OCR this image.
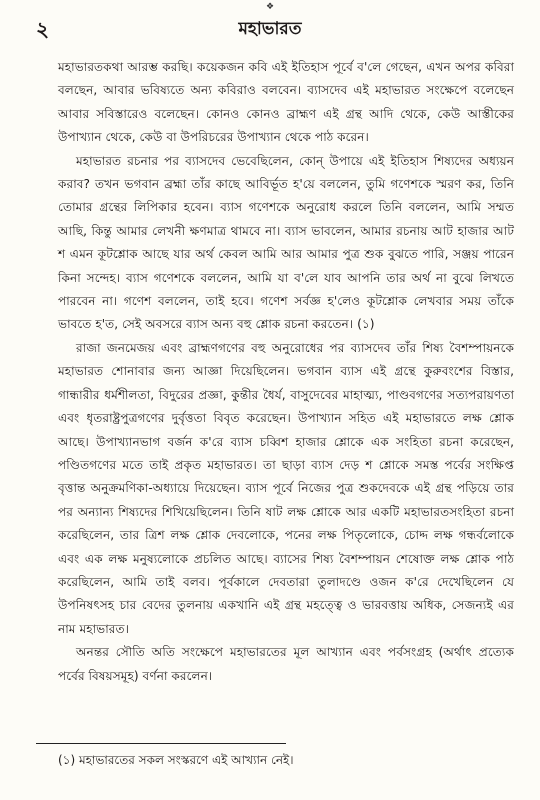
❖
২	মহাভারত

মহাভারতকথা আরম্ভ করছি। কয়েকজন কবি এই ইতিহাস পূর্বে ব'লে গেছেন, এখন অপর কবিরা বলছেন, আবার ভবিষ্যতে অন্য কবিরাও বলবেন। ব্যাসদেব এই মহাভারত সংক্ষেপে বলেছেন আবার সবিস্তারেও বলেছেন। কোনও কোনও ব্রাহ্মণ এই গ্রন্থ আদি থেকে, কেউ আস্তীকের উপাখ্যান থেকে, কেউ বা উপরিচরের উপাখ্যান থেকে পাঠ করেন।

মহাভারত রচনার পর ব্যাসদেব ভেবেছিলেন, কোন্ উপায়ে এই ইতিহাস শিষ্যদের অধ্যয়ন করাব? তখন ভগবান ব্রহ্মা তাঁর কাছে আবির্ভূত হ'য়ে বললেন, তুমি গণেশকে স্মরণ কর, তিনি তোমার গ্রন্থের লিপিকার হবেন। ব্যাস গণেশকে অনুরোধ করলে তিনি বললেন, আমি সম্মত আছি, কিন্তু আমার লেখনী ক্ষণমাত্র থামবে না। ব্যাস ভাবলেন, আমার রচনায় আট হাজার আট শ এমন কূটশ্লোক আছে যার অর্থ কেবল আমি আর আমার পুত্র শুক বুঝতে পারি, সঞ্জয় পারেন কিনা সন্দেহ। ব্যাস গণেশকে বললেন, আমি যা ব'লে যাব আপনি তার অর্থ না বুঝে লিখতে পারবেন না। গণেশ বললেন, তাই হবে। গণেশ সর্বজ্ঞ হ'লেও কূটশ্লোক লেখবার সময় তাঁকে ভাবতে হ'ত, সেই অবসরে ব্যাস অন্য বহু শ্লোক রচনা করতেন। (১)

রাজা জনমেজয় এবং ব্রাহ্মণগণের বহু অনুরোধের পর ব্যাসদেব তাঁর শিষ্য বৈশম্পায়নকে মহাভারত শোনাবার জন্য আজ্ঞা দিয়েছিলেন। ভগবান ব্যাস এই গ্রন্থে কুরুবংশের বিস্তার, গান্ধারীর ধর্মশীলতা, বিদুরের প্রজ্ঞা, কুন্তীর ধৈর্য, বাসুদেবের মাহাত্ম্য, পাণ্ডবগণের সত্যপরায়ণতা এবং ধৃতরাষ্ট্রপুত্রগণের দুর্বৃত্ততা বিবৃত করেছেন। উপাখ্যান সহিত এই মহাভারতে লক্ষ শ্লোক আছে। উপাখ্যানভাগ বর্জন ক'রে ব্যাস চব্বিশ হাজার শ্লোকে এক সংহিতা রচনা করেছেন, পণ্ডিতগণের মতে তাই প্রকৃত মহাভারত। তা ছাড়া ব্যাস দেড় শ শ্লোকে সমস্ত পর্বের সংক্ষিপ্ত বৃত্তান্ত অনুক্রমণিকা-অধ্যায়ে দিয়েছেন। ব্যাস পূর্বে নিজের পুত্র শুকদেবকে এই গ্রন্থ পড়িয়ে তার পর অন্যান্য শিষ্যদের শিখিয়েছিলেন। তিনি ষাট লক্ষ শ্লোকে আর একটি মহাভারতসংহিতা রচনা করেছিলেন, তার ত্রিশ লক্ষ শ্লোক দেবলোকে, পনের লক্ষ পিতৃলোকে, চোদ্দ লক্ষ গন্ধর্বলোকে এবং এক লক্ষ মনুষ্যলোকে প্রচলিত আছে। ব্যাসের শিষ্য বৈশম্পায়ন শেষোক্ত লক্ষ শ্লোক পাঠ করেছিলেন, আমি তাই বলব। পূর্বকালে দেবতারা তুলাদণ্ডে ওজন ক'রে দেখেছিলেন যে উপনিষৎসহ চার বেদের তুলনায় একখানি এই গ্রন্থ মহত্ত্বে ও ভারবত্তায় অধিক, সেজন্যই এর নাম মহাভারত।

অনন্তর সৌতি অতি সংক্ষেপে মহাভারতের মূল আখ্যান এবং পর্বসংগ্রহ (অর্থাৎ প্রত্যেক পর্বের বিষয়সমূহ) বর্ণনা করলেন।

(১) মহাভারতের সকল সংস্করণে এই আখ্যান নেই।
